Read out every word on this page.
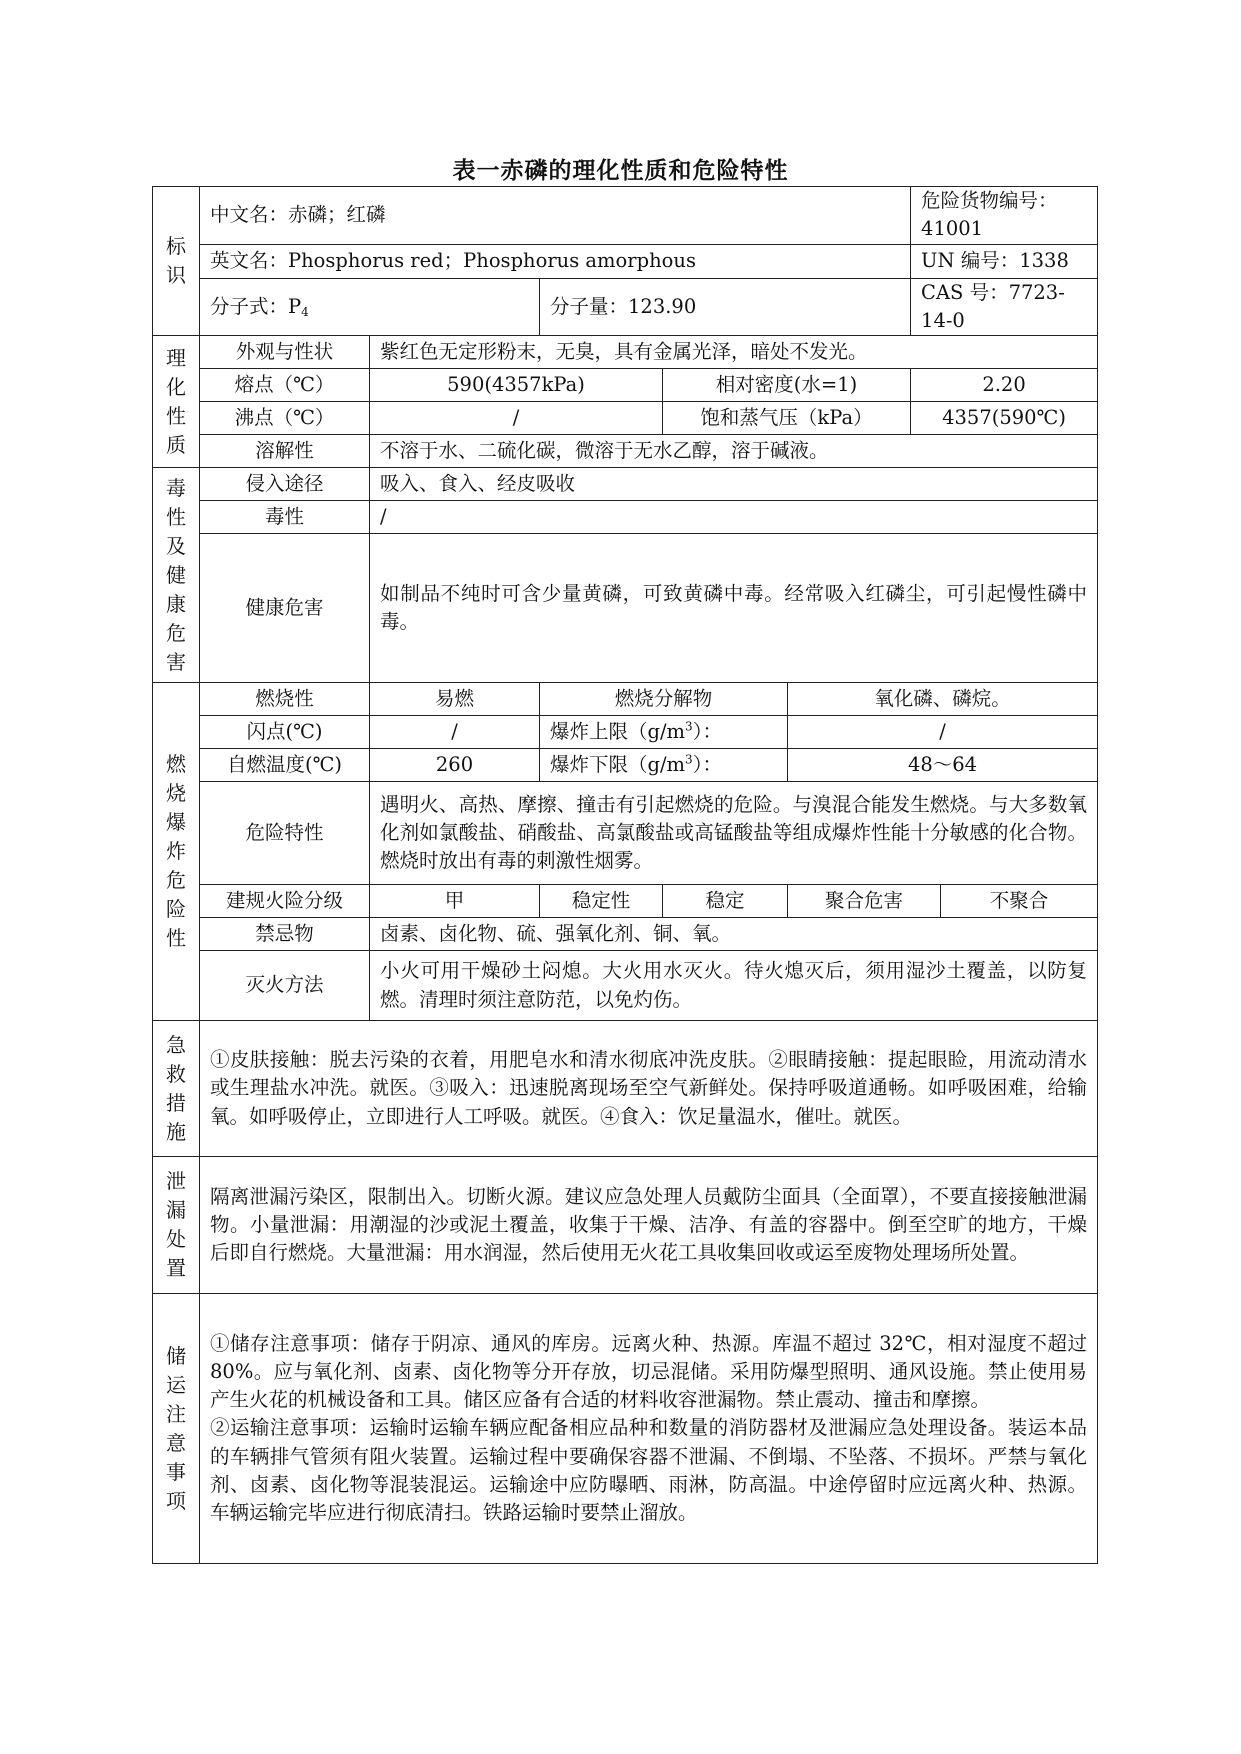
表一赤磷的理化性质和危险特性
标识	中文名：赤磷；红磷					危险货物编号：41001	
	英文名：Phosphorus red；Phosphorus amorphous					UN 编号：1338	
	分子式：$P_4$		分子量：123.90			CAS 号：7723-14-0	
理化性质	外观与性状	紫红色无定形粉末，无臭，具有金属光泽，暗处不发光。					
	熔点（℃）	590(4357kPa)		相对密度(水=1)		2.20	
	沸点（℃）	/		饱和蒸气压（kPa）		4357(590℃)	
	溶解性	不溶于水、二硫化碳，微溶于无水乙醇，溶于碱液。					
毒性及健康危害	侵入途径	吸入、食入、经皮吸收					
	毒性	/					
	健康危害	如制品不纯时可含少量黄磷，可致黄磷中毒。经常吸入红磷尘，可引起慢性磷中毒。					
燃烧爆炸危险性	燃烧性	易燃	燃烧分解物		氧化磷、磷烷。		
	闪点(℃)	/	爆炸上限$(g/m^3)$：		/		
	自燃温度(℃)	260	爆炸下限$(g/m^3)$：		48～64		
	危险特性	遇明火、高热、摩擦、撞击有引起燃烧的危险。与溴混合能发生燃烧。与大多数氧化剂如氯酸盐、硝酸盐、高氯酸盐或高锰酸盐等组成爆炸性能十分敏感的化合物。燃烧时放出有毒的刺激性烟雾。					
	建规火险分级	甲	稳定性	稳定	聚合危害		不聚合
	禁忌物	卤素、卤化物、硫、强氧化剂、铜、氧。					
	灭火方法	小火可用干燥砂土闷熄。大火用水灭火。待火熄灭后，须用湿沙土覆盖，以防复燃。清理时须注意防范，以免灼伤。					
急救措施	①皮肤接触：脱去污染的衣着，用肥皂水和清水彻底冲洗皮肤。②眼睛接触：提起眼睑，用流动清水或生理盐水冲洗。就医。③吸入：迅速脱离现场至空气新鲜处。保持呼吸道通畅。如呼吸困难，给输氧。如呼吸停止，立即进行人工呼吸。就医。④食入：饮足量温水，催吐。就医。						
泄漏处置	隔离泄漏污染区，限制出入。切断火源。建议应急处理人员戴防尘面具（全面罩），不要直接接触泄漏物。小量泄漏：用潮湿的沙或泥土覆盖，收集于干燥、洁净、有盖的容器中。倒至空旷的地方，干燥后即自行燃烧。大量泄漏：用水润湿，然后使用无火花工具收集回收或运至废物处理场所处置。						
储运注意事项	①储存注意事项：储存于阴凉、通风的库房。远离火种、热源。库温不超过 32℃，相对湿度不超过 80%。应与氧化剂、卤素、卤化物等分开存放，切忌混储。采用防爆型照明、通风设施。禁止使用易产生火花的机械设备和工具。储区应备有合适的材料收容泄漏物。禁止震动、撞击和摩擦。
②运输注意事项：运输时运输车辆应配备相应品种和数量的消防器材及泄漏应急处理设备。装运本品的车辆排气管须有阻火装置。运输过程中要确保容器不泄漏、不倒塌、不坠落、不损坏。严禁与氧化剂、卤素、卤化物等混装混运。运输途中应防曝晒、雨淋，防高温。中途停留时应远离火种、热源。车辆运输完毕应进行彻底清扫。铁路运输时要禁止溜放。						
